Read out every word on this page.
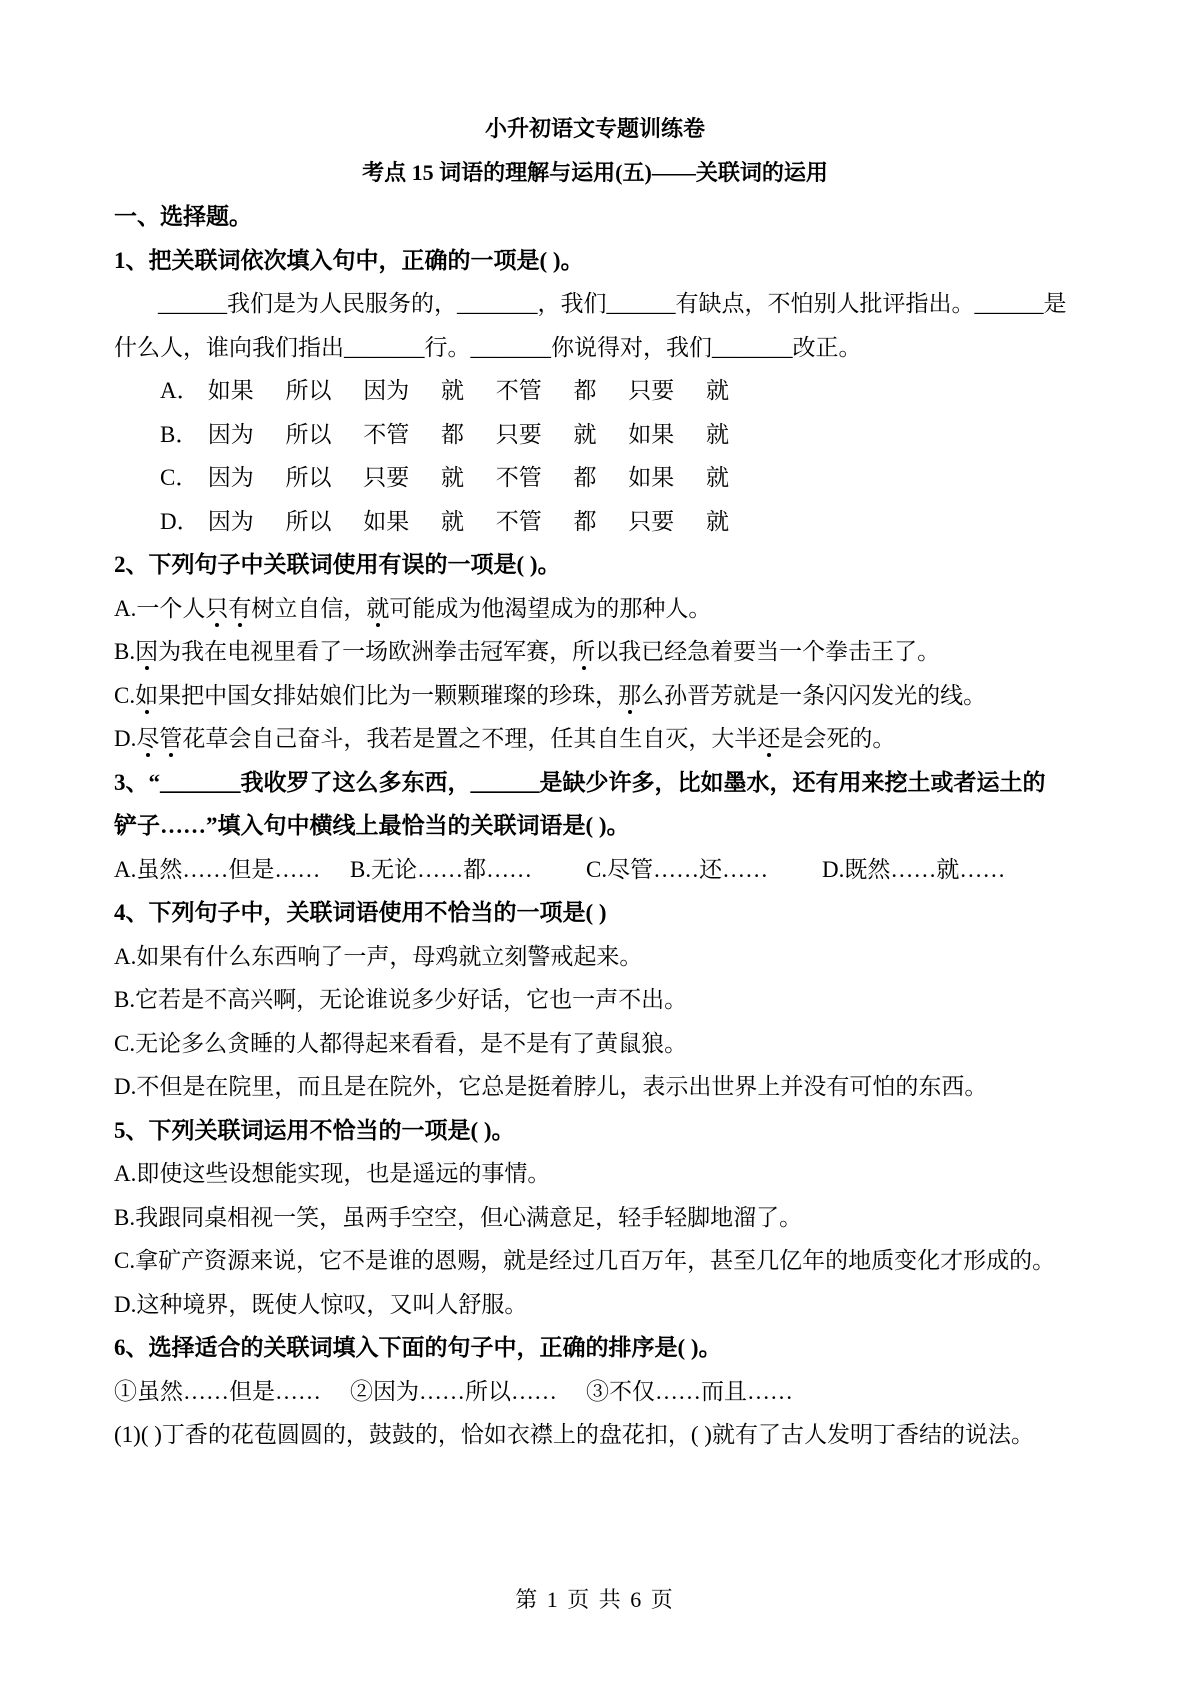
小升初语文专题训练卷
考点 15 词语的理解与运用(五)——关联词的运用
一、选择题。
1、把关联词依次填入句中，正确的一项是( )。
______我们是为人民服务的，_______，我们______有缺点，不怕别人批评指出。______是
什么人，谁向我们指出_______行。_______你说得对，我们_______改正。
A． 如果 所以 因为 就 不管 都 只要 就
B． 因为 所以 不管 都 只要 就 如果 就
C． 因为 所以 只要 就 不管 都 如果 就
D． 因为 所以 如果 就 不管 都 只要 就
2、下列句子中关联词使用有误的一项是( )。
A.一个人只有树立自信，就可能成为他渴望成为的那种人。
B.因为我在电视里看了一场欧洲拳击冠军赛，所以我已经急着要当一个拳击王了。
C.如果把中国女排姑娘们比为一颗颗璀璨的珍珠，那么孙晋芳就是一条闪闪发光的线。
D.尽管花草会自己奋斗，我若是置之不理，任其自生自灭，大半还是会死的。
3、“_______我收罗了这么多东西，______是缺少许多，比如墨水，还有用来挖土或者运土的
铲子……”填入句中横线上最恰当的关联词语是( )。
A.虽然……但是…… B.无论……都…… C.尽管……还…… D.既然……就……
4、下列句子中，关联词语使用不恰当的一项是( )
A.如果有什么东西响了一声，母鸡就立刻警戒起来。
B.它若是不高兴啊，无论谁说多少好话，它也一声不出。
C.无论多么贪睡的人都得起来看看，是不是有了黄鼠狼。
D.不但是在院里，而且是在院外，它总是挺着脖儿，表示出世界上并没有可怕的东西。
5、下列关联词运用不恰当的一项是( )。
A.即使这些设想能实现，也是遥远的事情。
B.我跟同桌相视一笑，虽两手空空，但心满意足，轻手轻脚地溜了。
C.拿矿产资源来说，它不是谁的恩赐，就是经过几百万年，甚至几亿年的地质变化才形成的。
D.这种境界，既使人惊叹，又叫人舒服。
6、选择适合的关联词填入下面的句子中，正确的排序是( )。
①虽然……但是…… ②因为……所以…… ③不仅……而且……
(1)( )丁香的花苞圆圆的，鼓鼓的，恰如衣襟上的盘花扣，( )就有了古人发明丁香结的说法。
第 1 页 共 6 页
